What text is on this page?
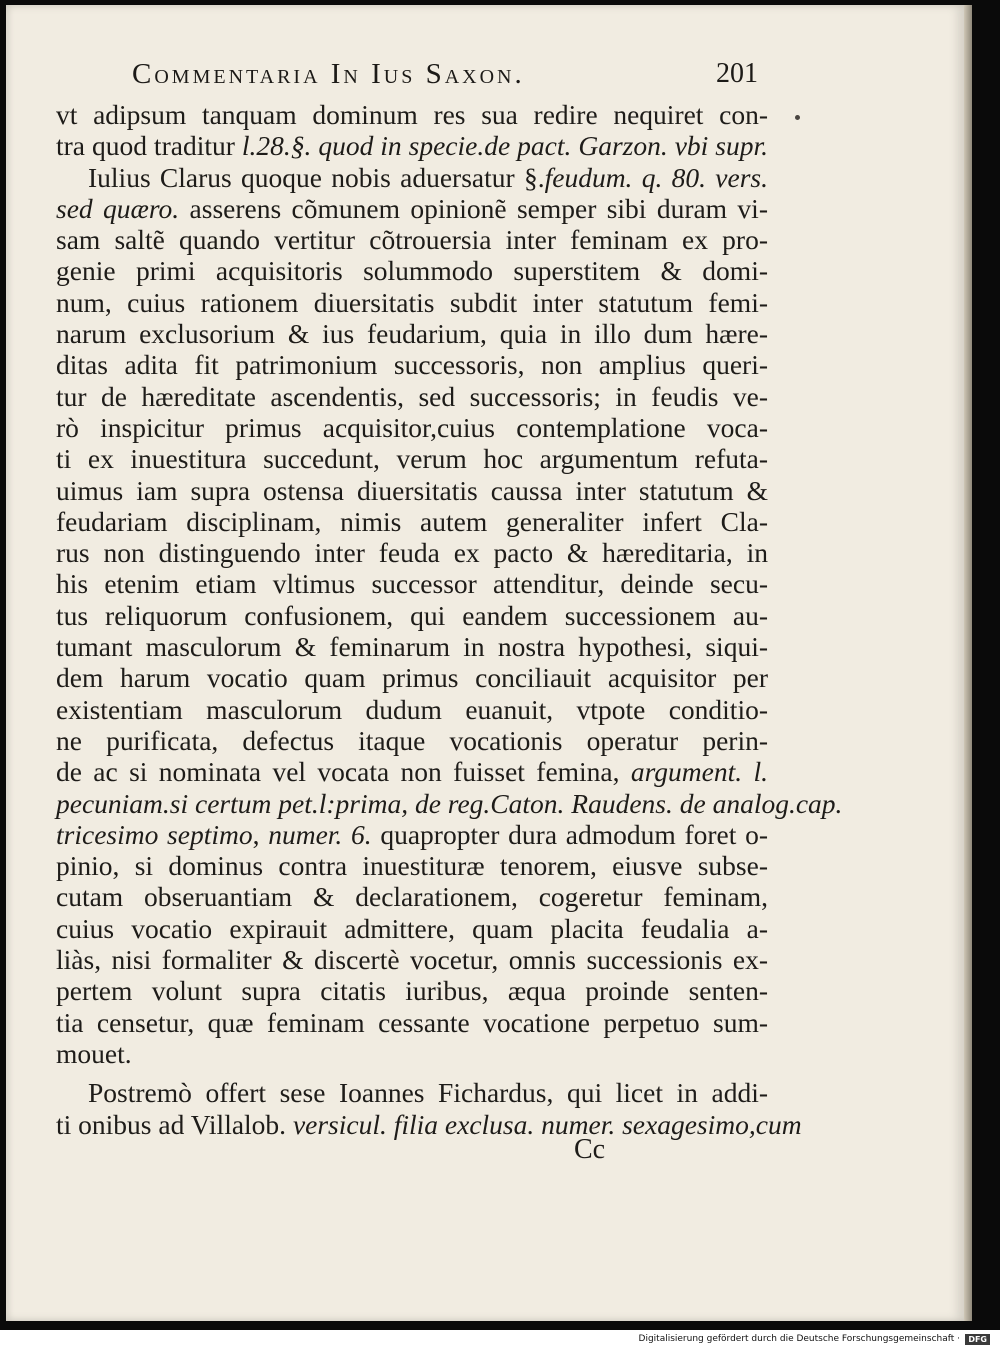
Commentaria In Ius Saxon.	201
vt adipsum tanquam dominum res sua redire nequiret con-
tra quod traditur l.28.§. quod in specie.de pact. Garzon. vbi supr.
Iulius Clarus quoque nobis aduersatur §.feudum. q. 80. vers.
sed quæro. asserens cõmunem opinionẽ semper sibi duram vi-
sam saltẽ quando vertitur cõtrouersia inter feminam ex pro-
genie primi acquisitoris solummodo superstitem & domi-
num, cuius rationem diuersitatis subdit inter statutum femi-
narum exclusorium & ius feudarium, quia in illo dum hære-
ditas adita fit patrimonium successoris, non amplius queri-
tur de hæreditate ascendentis, sed successoris; in feudis ve-
rò inspicitur primus acquisitor,cuius contemplatione voca-
ti ex inuestitura succedunt, verum hoc argumentum refuta-
uimus iam supra ostensa diuersitatis caussa inter statutum &
feudariam disciplinam, nimis autem generaliter infert Cla-
rus non distinguendo inter feuda ex pacto & hæreditaria, in
his etenim etiam vltimus successor attenditur, deinde secu-
tus reliquorum confusionem, qui eandem successionem au-
tumant masculorum & feminarum in nostra hypothesi, siqui-
dem harum vocatio quam primus conciliauit acquisitor per
existentiam masculorum dudum euanuit, vtpote conditio-
ne purificata, defectus itaque vocationis operatur perin-
de ac si nominata vel vocata non fuisset femina, argument. l.
pecuniam.si certum pet.l:prima, de reg.Caton. Raudens. de analog.cap.
tricesimo septimo, numer. 6. quapropter dura admodum foret o-
pinio, si dominus contra inuestituræ tenorem, eiusve subse-
cutam obseruantiam & declarationem, cogeretur feminam,
cuius vocatio expirauit admittere, quam placita feudalia a-
liàs, nisi formaliter & discertè vocetur, omnis successionis ex-
pertem volunt supra citatis iuribus, æqua proinde senten-
tia censetur, quæ feminam cessante vocatione perpetuo sum-
mouet.
Postremò offert sese Ioannes Fichardus, qui licet in addi-
ti onibus ad Villalob. versicul. filia exclusa. numer. sexagesimo,cum
Cc
Digitalisierung gefördert durch die Deutsche Forschungsgemeinschaft ·	DFG
